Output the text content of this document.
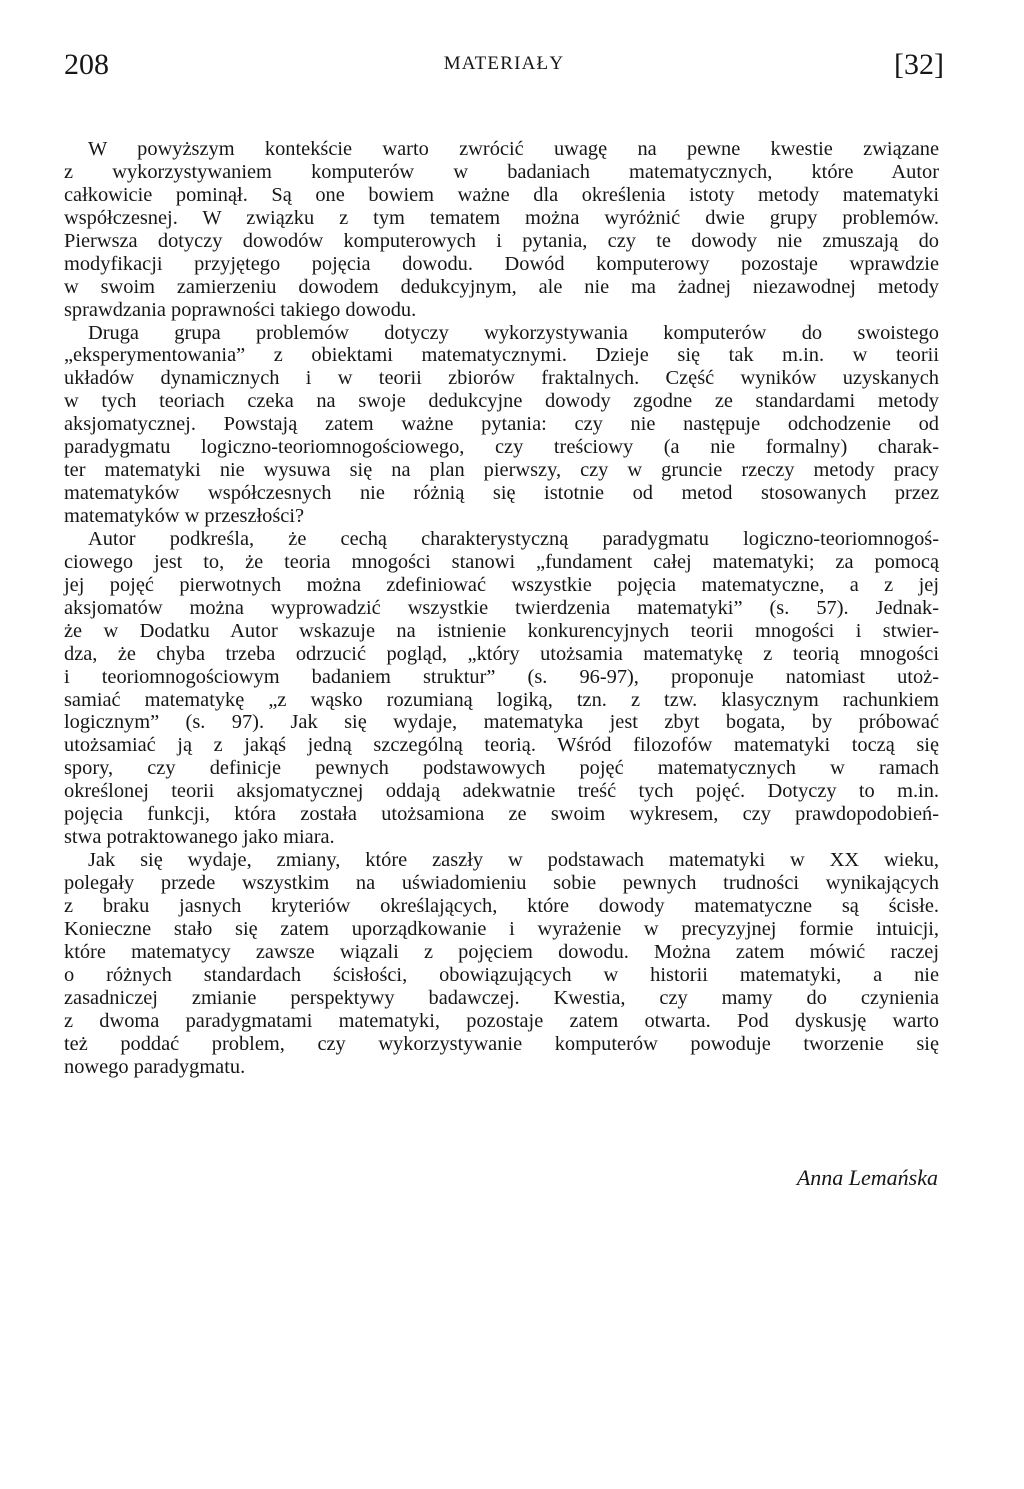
208	MATERIAŁY	[32]
W powyższym kontekście warto zwrócić uwagę na pewne kwestie związane
z wykorzystywaniem komputerów w badaniach matematycznych, które Autor
całkowicie pominął. Są one bowiem ważne dla określenia istoty metody matematyki
współczesnej. W związku z tym tematem można wyróżnić dwie grupy problemów.
Pierwsza dotyczy dowodów komputerowych i pytania, czy te dowody nie zmuszają do
modyfikacji przyjętego pojęcia dowodu. Dowód komputerowy pozostaje wprawdzie
w swoim zamierzeniu dowodem dedukcyjnym, ale nie ma żadnej niezawodnej metody
sprawdzania poprawności takiego dowodu.
Druga grupa problemów dotyczy wykorzystywania komputerów do swoistego
„eksperymentowania” z obiektami matematycznymi. Dzieje się tak m.in. w teorii
układów dynamicznych i w teorii zbiorów fraktalnych. Część wyników uzyskanych
w tych teoriach czeka na swoje dedukcyjne dowody zgodne ze standardami metody
aksjomatycznej. Powstają zatem ważne pytania: czy nie następuje odchodzenie od
paradygmatu logiczno-teoriomnogościowego, czy treściowy (a nie formalny) charak-
ter matematyki nie wysuwa się na plan pierwszy, czy w gruncie rzeczy metody pracy
matematyków współczesnych nie różnią się istotnie od metod stosowanych przez
matematyków w przeszłości?
Autor podkreśla, że cechą charakterystyczną paradygmatu logiczno-teoriomnogoś-
ciowego jest to, że teoria mnogości stanowi „fundament całej matematyki; za pomocą
jej pojęć pierwotnych można zdefiniować wszystkie pojęcia matematyczne, a z jej
aksjomatów można wyprowadzić wszystkie twierdzenia matematyki” (s. 57). Jednak-
że w Dodatku Autor wskazuje na istnienie konkurencyjnych teorii mnogości i stwier-
dza, że chyba trzeba odrzucić pogląd, „który utożsamia matematykę z teorią mnogości
i teoriomnogościowym badaniem struktur” (s. 96-97), proponuje natomiast utoż-
samiać matematykę „z wąsko rozumianą logiką, tzn. z tzw. klasycznym rachunkiem
logicznym” (s. 97). Jak się wydaje, matematyka jest zbyt bogata, by próbować
utożsamiać ją z jakąś jedną szczególną teorią. Wśród filozofów matematyki toczą się
spory, czy definicje pewnych podstawowych pojęć matematycznych w ramach
określonej teorii aksjomatycznej oddają adekwatnie treść tych pojęć. Dotyczy to m.in.
pojęcia funkcji, która została utożsamiona ze swoim wykresem, czy prawdopodobień-
stwa potraktowanego jako miara.
Jak się wydaje, zmiany, które zaszły w podstawach matematyki w XX wieku,
polegały przede wszystkim na uświadomieniu sobie pewnych trudności wynikających
z braku jasnych kryteriów określających, które dowody matematyczne są ścisłe.
Konieczne stało się zatem uporządkowanie i wyrażenie w precyzyjnej formie intuicji,
które matematycy zawsze wiązali z pojęciem dowodu. Można zatem mówić raczej
o różnych standardach ścisłości, obowiązujących w historii matematyki, a nie
zasadniczej zmianie perspektywy badawczej. Kwestia, czy mamy do czynienia
z dwoma paradygmatami matematyki, pozostaje zatem otwarta. Pod dyskusję warto
też poddać problem, czy wykorzystywanie komputerów powoduje tworzenie się
nowego paradygmatu.
Anna Lemańska
